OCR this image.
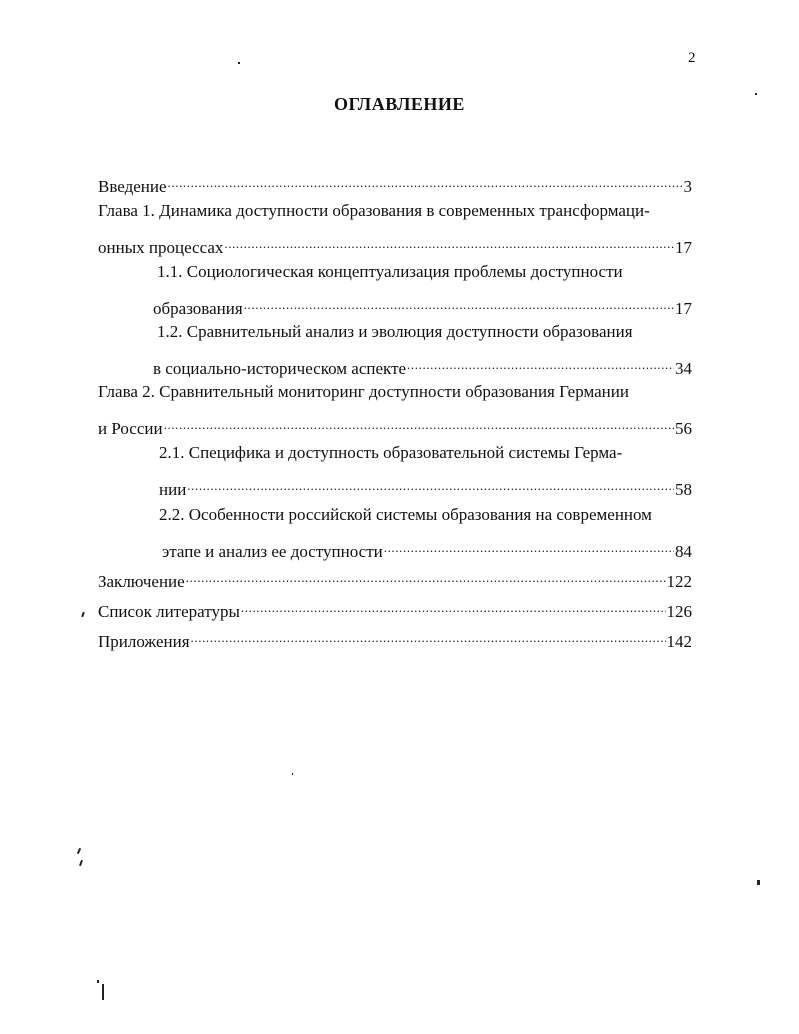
2
ОГЛАВЛЕНИЕ
Введение .....	3
Глава 1. Динамика доступности образования в современных трансформаци-
онных процессах .....	17
1.1. Социологическая концептуализация проблемы доступности
образования .....	17
1.2. Сравнительный анализ и эволюция доступности образования
в социально-историческом аспекте .....	34
Глава 2. Сравнительный мониторинг доступности образования Германии
и России .....	56
2.1. Специфика и доступность образовательной системы Герма-
нии .....	58
2.2. Особенности российской системы образования на современном
этапе и анализ ее доступности .....	84
Заключение .....	122
Список литературы .....	126
Приложения .....	142
